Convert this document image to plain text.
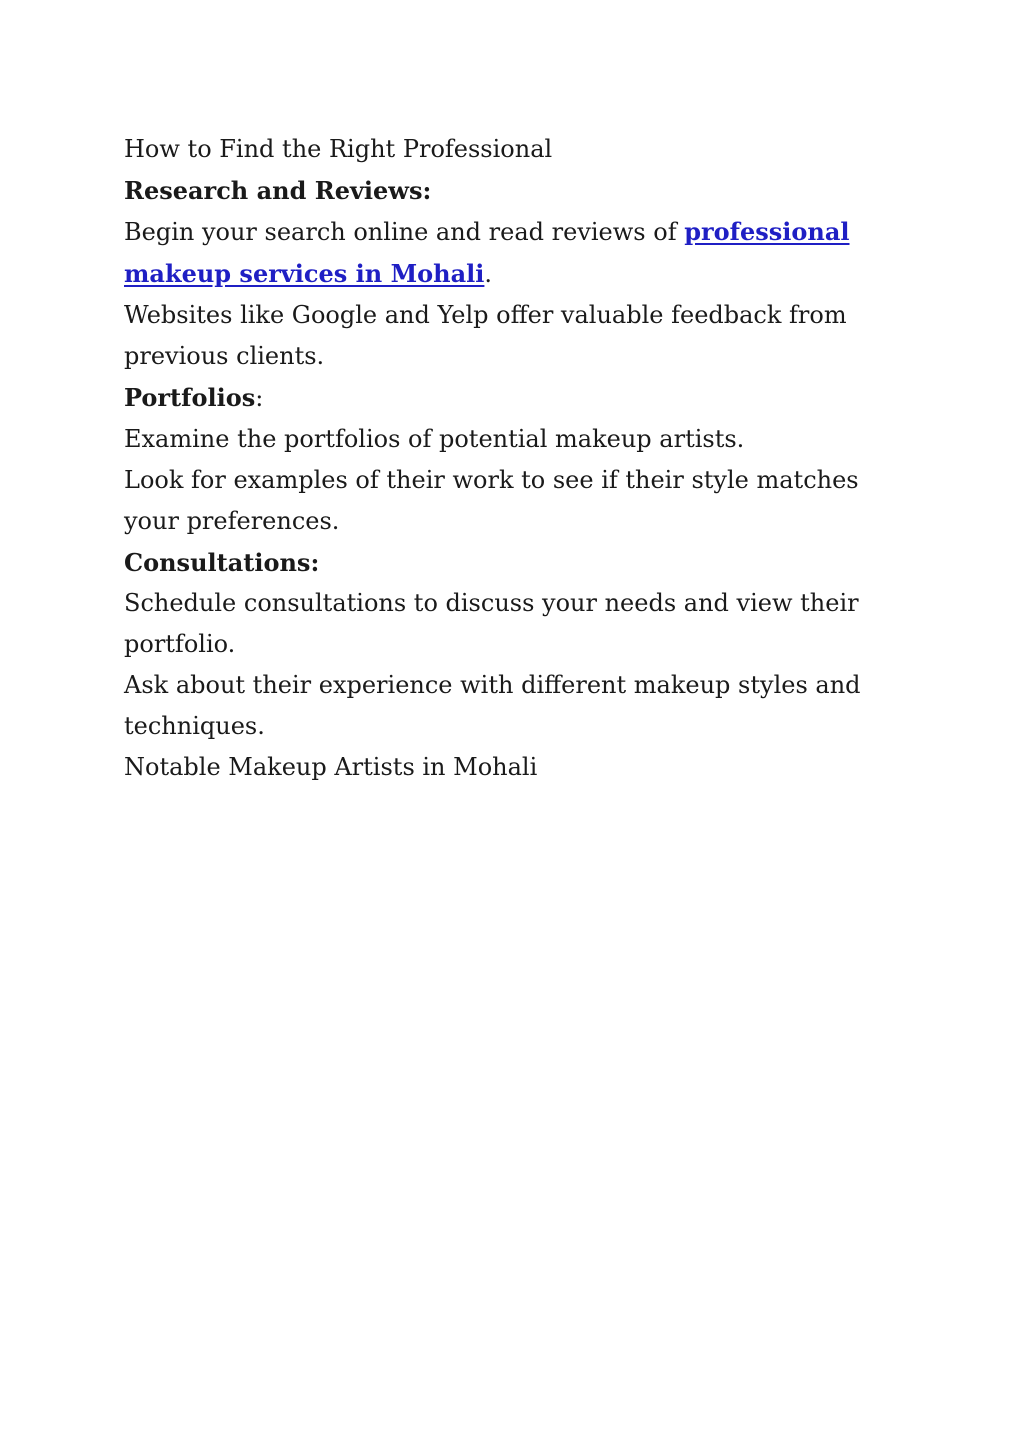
How to Find the Right Professional

Research and Reviews:

Begin your search online and read reviews of professional makeup services in Mohali.

Websites like Google and Yelp offer valuable feedback from previous clients.

Portfolios:

Examine the portfolios of potential makeup artists.

Look for examples of their work to see if their style matches your preferences.

Consultations:

Schedule consultations to discuss your needs and view their portfolio.

Ask about their experience with different makeup styles and techniques.

Notable Makeup Artists in Mohali
